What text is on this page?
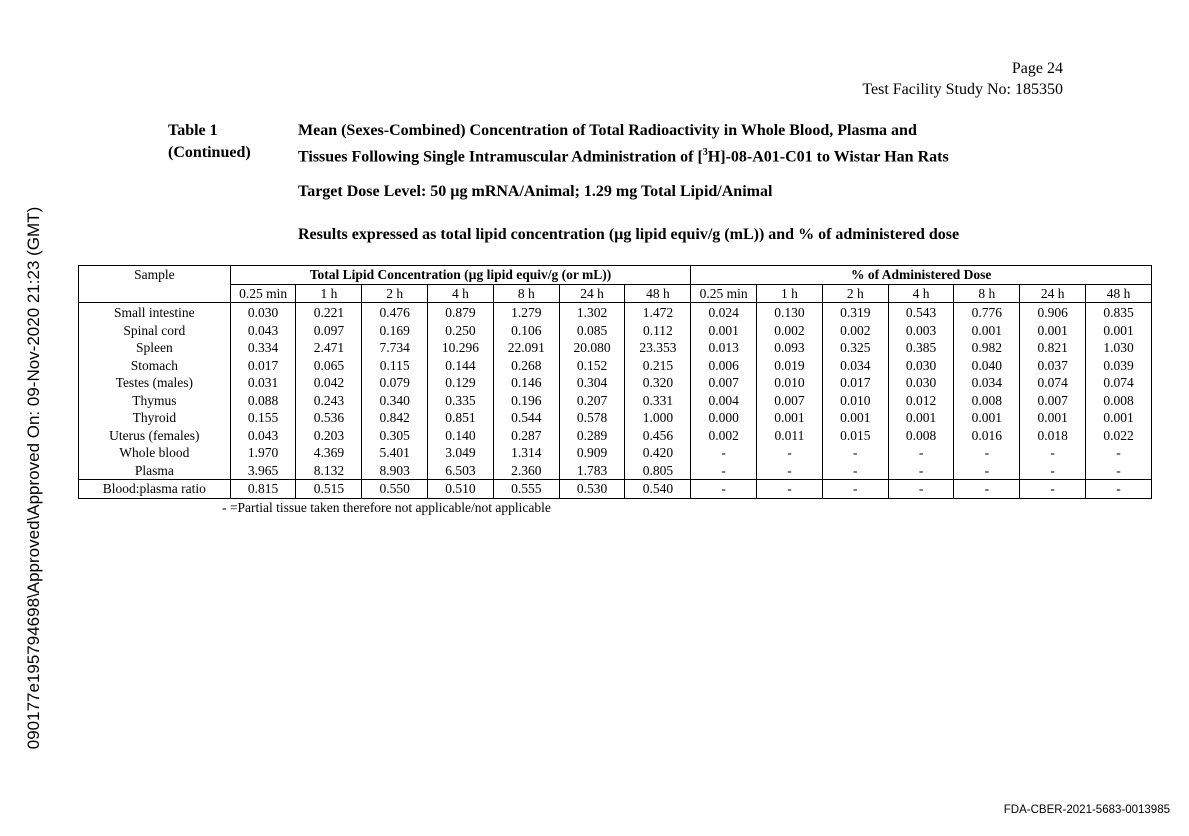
Page 24
Test Facility Study No: 185350
Table 1	Mean (Sexes-Combined) Concentration of Total Radioactivity in Whole Blood, Plasma and
(Continued)	Tissues Following Single Intramuscular Administration of [$^3$H]-08-A01-C01 to Wistar Han Rats
Target Dose Level: 50 µg mRNA/Animal; 1.29 mg Total Lipid/Animal
Results expressed as total lipid concentration (µg lipid equiv/g (mL)) and % of administered dose
Sample	Total Lipid Concentration (µg lipid equiv/g (or mL))							% of Administered Dose						
	0.25 min	1 h	2 h	4 h	8 h	24 h	48 h	0.25 min	1 h	2 h	4 h	8 h	24 h	48 h
Small intestine	0.030	0.221	0.476	0.879	1.279	1.302	1.472	0.024	0.130	0.319	0.543	0.776	0.906	0.835
Spinal cord	0.043	0.097	0.169	0.250	0.106	0.085	0.112	0.001	0.002	0.002	0.003	0.001	0.001	0.001
Spleen	0.334	2.471	7.734	10.296	22.091	20.080	23.353	0.013	0.093	0.325	0.385	0.982	0.821	1.030
Stomach	0.017	0.065	0.115	0.144	0.268	0.152	0.215	0.006	0.019	0.034	0.030	0.040	0.037	0.039
Testes (males)	0.031	0.042	0.079	0.129	0.146	0.304	0.320	0.007	0.010	0.017	0.030	0.034	0.074	0.074
Thymus	0.088	0.243	0.340	0.335	0.196	0.207	0.331	0.004	0.007	0.010	0.012	0.008	0.007	0.008
Thyroid	0.155	0.536	0.842	0.851	0.544	0.578	1.000	0.000	0.001	0.001	0.001	0.001	0.001	0.001
Uterus (females)	0.043	0.203	0.305	0.140	0.287	0.289	0.456	0.002	0.011	0.015	0.008	0.016	0.018	0.022
Whole blood	1.970	4.369	5.401	3.049	1.314	0.909	0.420	-	-	-	-	-	-	-
Plasma	3.965	8.132	8.903	6.503	2.360	1.783	0.805	-	-	-	-	-	-	-
Blood:plasma ratio	0.815	0.515	0.550	0.510	0.555	0.530	0.540	-	-	-	-	-	-	-
- =Partial tissue taken therefore not applicable/not applicable
090177e195794698\Approved\Approved On: 09-Nov-2020 21:23 (GMT)
FDA-CBER-2021-5683-0013985
